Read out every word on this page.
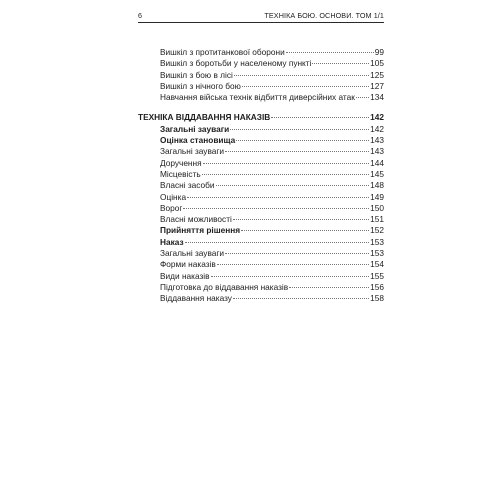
6	ТЕХНІКА БОЮ. ОСНОВИ. ТОМ 1/1
Вишкіл з протитанкової оборони	99
Вишкіл з боротьби у населеному пункті	105
Вишкіл з бою в лісі	125
Вишкіл з нічного бою	127
Навчання війська технік відбиття диверсійних атак 134
ТЕХНІКА ВІДДАВАННЯ НАКАЗІВ	142
Загальні зауваги	142
Оцінка становища	143
Загальні зауваги	143
Доручення	144
Місцевість	145
Власні засоби	148
Оцінка	149
Ворог	150
Власні можливості	151
Прийняття рішення	152
Наказ	153
Загальні зауваги	153
Форми наказів	154
Види наказів	155
Підготовка до віддавання наказів	156
Віддавання наказу	158
